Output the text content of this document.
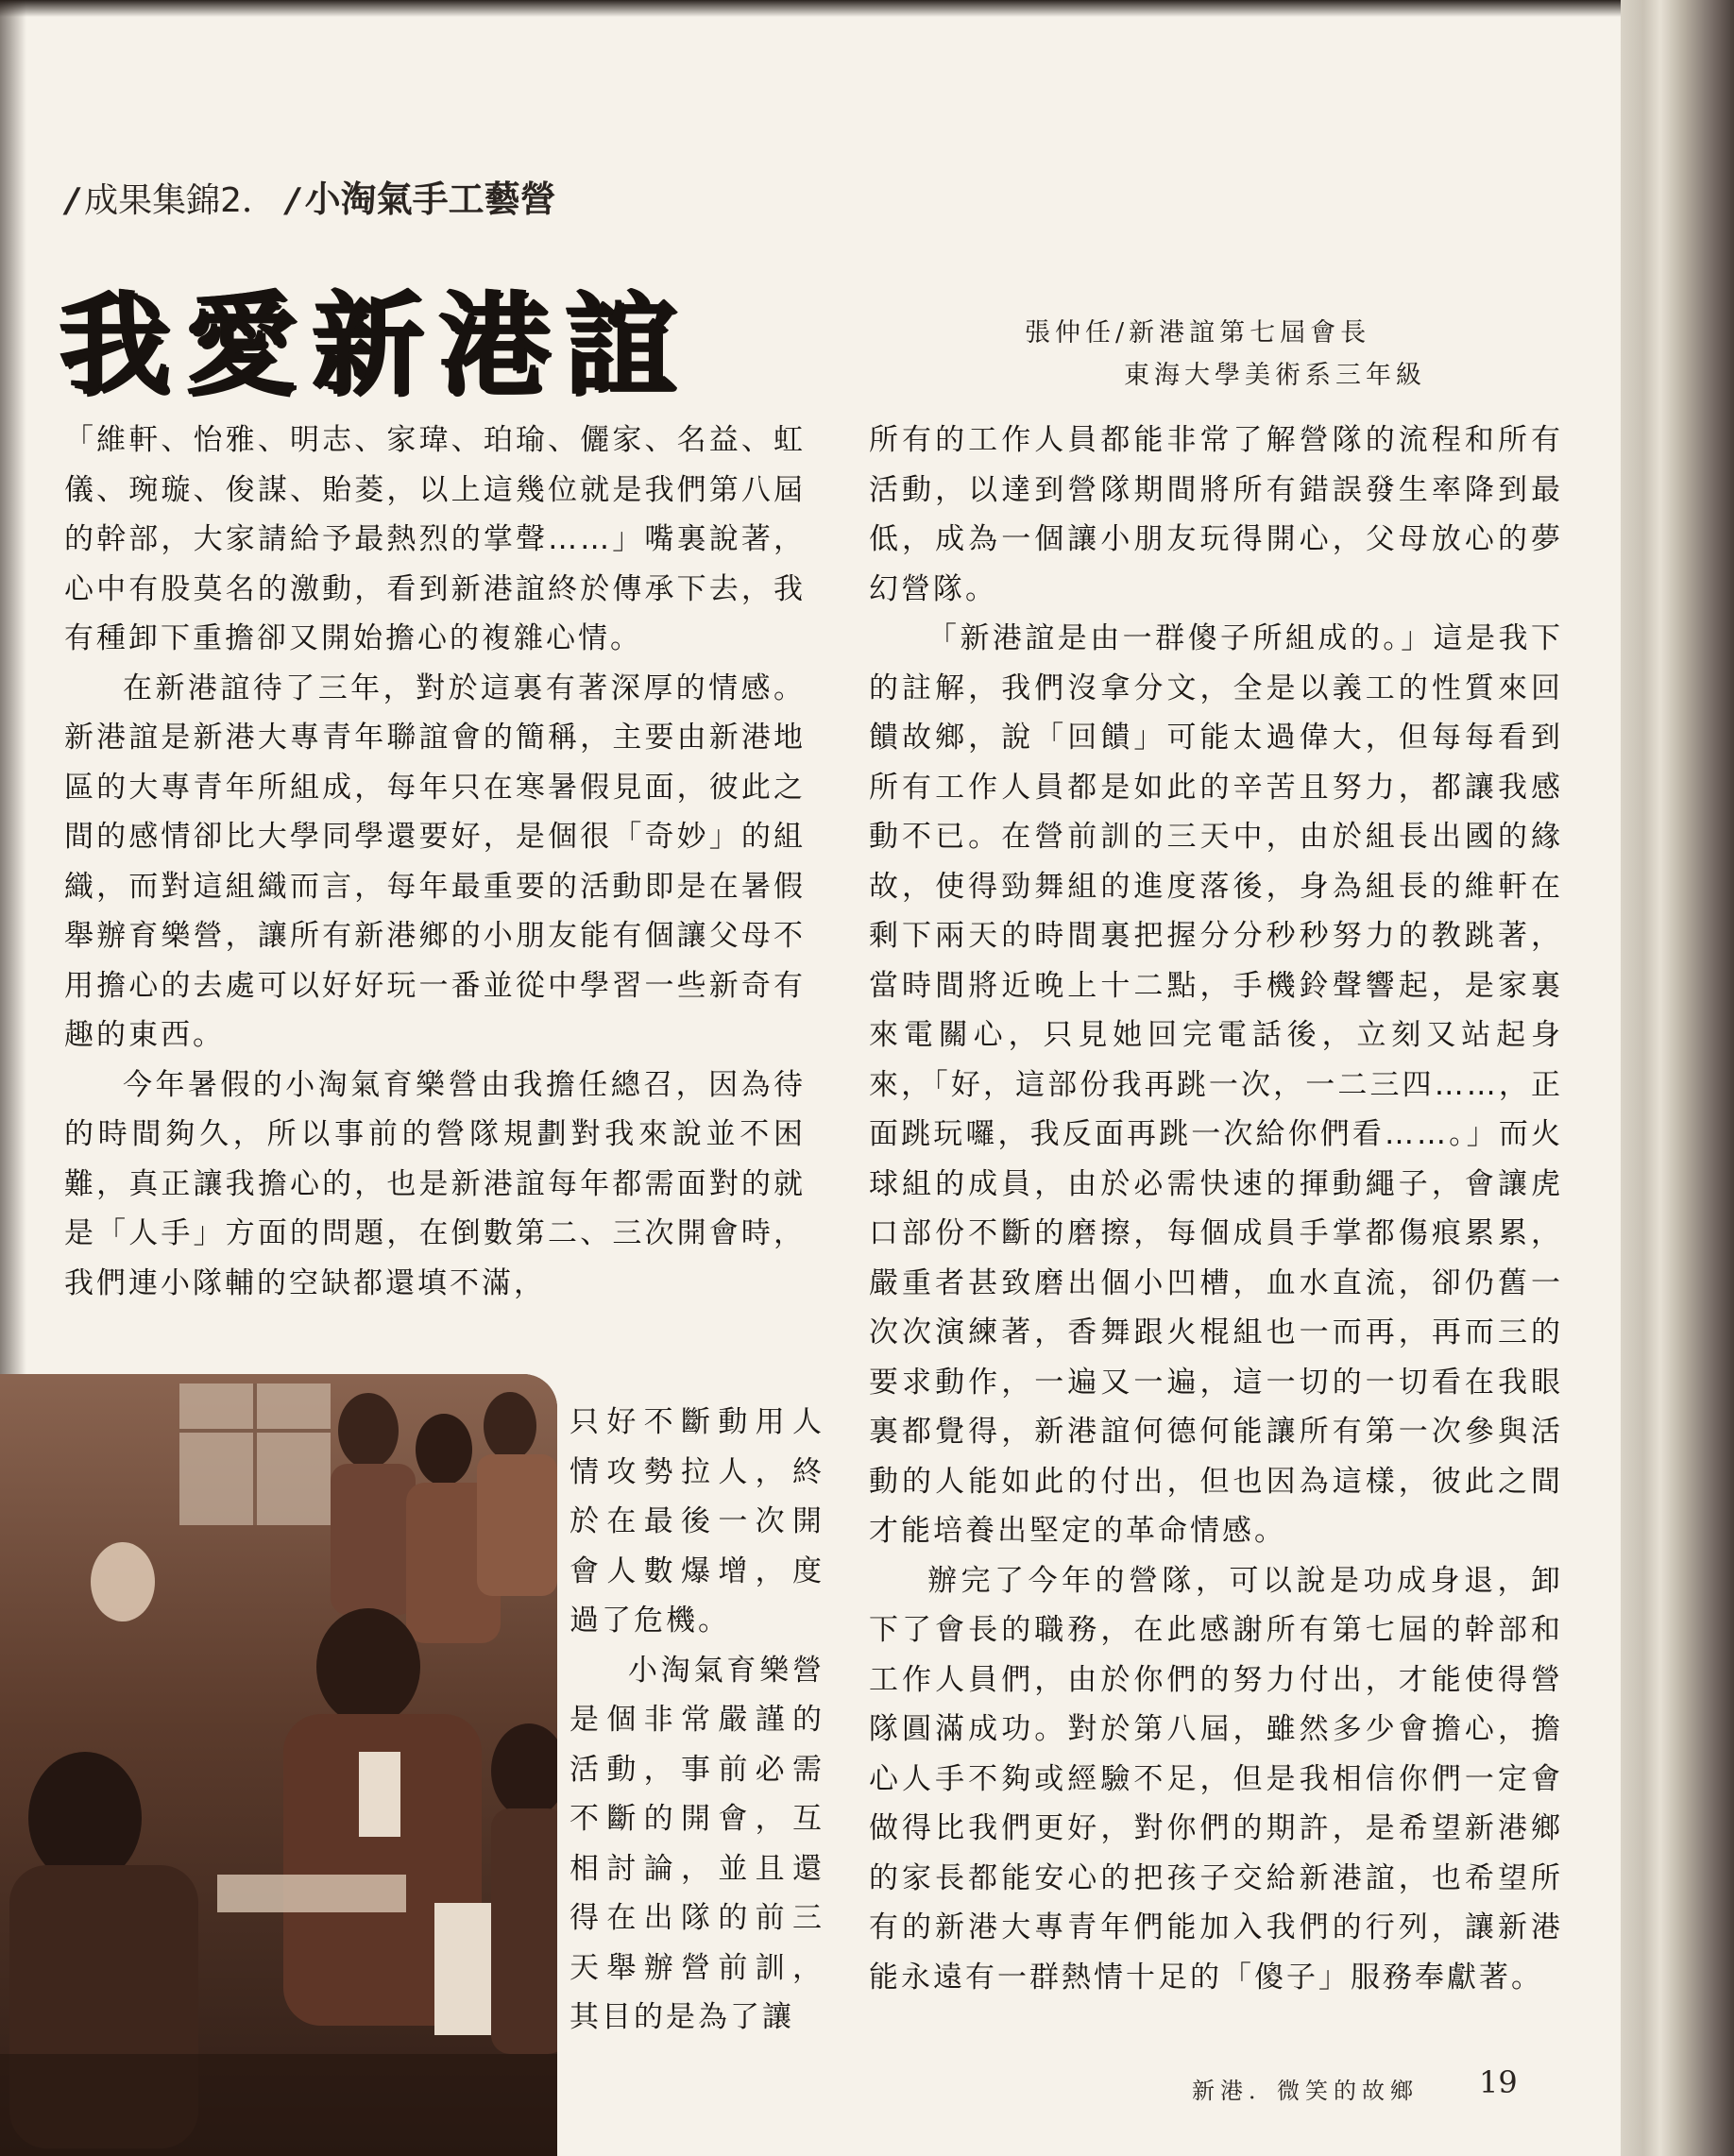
/ 成果集錦2． / 小淘氣手工藝營
我愛新港誼	張仲任/新港誼第七屆會長
東海大學美術系三年級

「維軒、怡雅、明志、家瑋、珀瑜、儷家、名益、虹儀、琬璇、俊謀、貽菱，以上這幾位就是我們第八屆的幹部，大家請給予最熱烈的掌聲……」嘴裏說著，心中有股莫名的激動，看到新港誼終於傳承下去，我有種卸下重擔卻又開始擔心的複雜心情。

在新港誼待了三年，對於這裏有著深厚的情感。新港誼是新港大專青年聯誼會的簡稱，主要由新港地區的大專青年所組成，每年只在寒暑假見面，彼此之間的感情卻比大學同學還要好，是個很「奇妙」的組織，而對這組織而言，每年最重要的活動即是在暑假舉辦育樂營，讓所有新港鄉的小朋友能有個讓父母不用擔心的去處可以好好玩一番並從中學習一些新奇有趣的東西。

今年暑假的小淘氣育樂營由我擔任總召，因為待的時間夠久，所以事前的營隊規劃對我來說並不困難，真正讓我擔心的，也是新港誼每年都需面對的就是「人手」方面的問題，在倒數第二、三次開會時，我們連小隊輔的空缺都還填不滿，

只好不斷動用人情攻勢拉人，終於在最後一次開會人數爆增，度過了危機。

小淘氣育樂營是個非常嚴謹的活動，事前必需不斷的開會，互相討論，並且還得在出隊的前三天舉辦營前訓，其目的是為了讓

所有的工作人員都能非常了解營隊的流程和所有活動，以達到營隊期間將所有錯誤發生率降到最低，成為一個讓小朋友玩得開心，父母放心的夢幻營隊。

「新港誼是由一群傻子所組成的。」這是我下的註解，我們沒拿分文，全是以義工的性質來回饋故鄉，說「回饋」可能太過偉大，但每每看到所有工作人員都是如此的辛苦且努力，都讓我感動不已。在營前訓的三天中，由於組長出國的緣故，使得勁舞組的進度落後，身為組長的維軒在剩下兩天的時間裏把握分分秒秒努力的教跳著，當時間將近晚上十二點，手機鈴聲響起，是家裏來電關心，只見她回完電話後，立刻又站起身來，「好，這部份我再跳一次，一二三四……，正面跳玩囉，我反面再跳一次給你們看……。」而火球組的成員，由於必需快速的揮動繩子，會讓虎口部份不斷的磨擦，每個成員手掌都傷痕累累，嚴重者甚致磨出個小凹槽，血水直流，卻仍舊一次次演練著，香舞跟火棍組也一而再，再而三的要求動作，一遍又一遍，這一切的一切看在我眼裏都覺得，新港誼何德何能讓所有第一次參與活動的人能如此的付出，但也因為這樣，彼此之間才能培養出堅定的革命情感。

辦完了今年的營隊，可以說是功成身退，卸下了會長的職務，在此感謝所有第七屆的幹部和工作人員們，由於你們的努力付出，才能使得營隊圓滿成功。對於第八屆，雖然多少會擔心，擔心人手不夠或經驗不足，但是我相信你們一定會做得比我們更好，對你們的期許，是希望新港鄉的家長都能安心的把孩子交給新港誼，也希望所有的新港大專青年們能加入我們的行列，讓新港能永遠有一群熱情十足的「傻子」服務奉獻著。

新港．微笑的故鄉 19
